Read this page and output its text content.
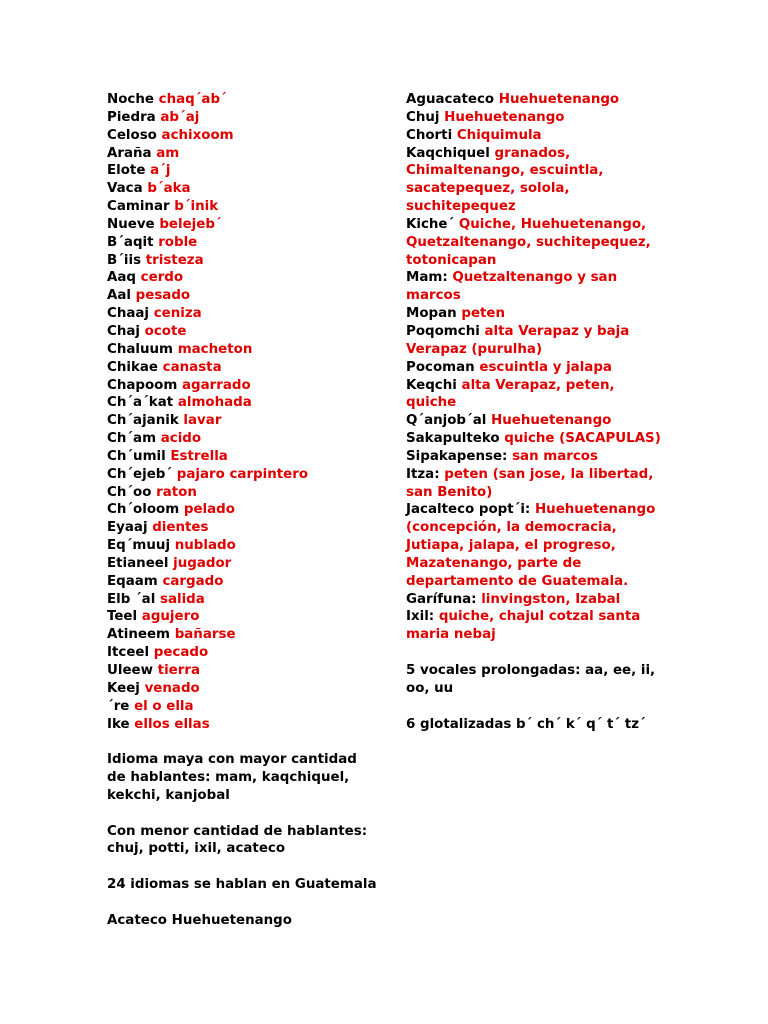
Noche chaq´ab´
Piedra ab´aj
Celoso achixoom
Araña am
Elote a´j
Vaca b´aka
Caminar b´inik
Nueve belejeb´
B´aqit roble
B´iis tristeza
Aaq cerdo
Aal pesado
Chaaj ceniza
Chaj ocote
Chaluum macheton
Chikae canasta
Chapoom agarrado
Ch´a´kat almohada
Ch´ajanik lavar
Ch´am acido
Ch´umil Estrella
Ch´ejeb´ pajaro carpintero
Ch´oo raton
Ch´oloom pelado
Eyaaj dientes
Eq´muuj nublado
Etianeel jugador
Eqaam cargado
Elb ´al salida
Teel agujero
Atineem bañarse
Itceel pecado
Uleew tierra
Keej venado
´re el o ella
Ike ellos ellas
Idioma maya con mayor cantidad
de hablantes: mam, kaqchiquel,
kekchi, kanjobal
Con menor cantidad de hablantes:
chuj, potti, ixil, acateco
24 idiomas se hablan en Guatemala
Acateco Huehuetenango
Aguacateco Huehuetenango
Chuj Huehuetenango
Chorti Chiquimula
Kaqchiquel granados, Chimaltenango, escuintla, sacatepequez, solola, suchitepequez
Kiche´ Quiche, Huehuetenango, Quetzaltenango, suchitepequez, totonicapan
Mam: Quetzaltenango y san marcos
Mopan peten
Poqomchi alta Verapaz y baja Verapaz (purulha)
Pocoman escuintla y jalapa
Keqchi alta Verapaz, peten, quiche
Q´anjob´al Huehuetenango
Sakapulteko quiche (SACAPULAS)
Sipakapense: san marcos
Itza: peten (san jose, la libertad, san Benito)
Jacalteco popt´i: Huehuetenango (concepción, la democracia, Jutiapa, jalapa, el progreso, Mazatenango, parte de departamento de Guatemala.
Garífuna: linvingston, Izabal
Ixil: quiche, chajul cotzal santa maria nebaj
5 vocales prolongadas: aa, ee, ii,
oo, uu
6 glotalizadas b´ ch´ k´ q´ t´ tz´
